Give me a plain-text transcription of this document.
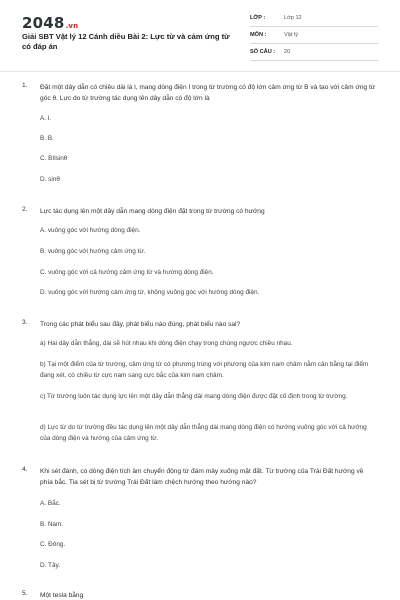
2048.vn
Giải SBT Vật lý 12 Cánh diều Bài 2: Lực từ và cảm ứng từ có đáp án
LỚP :	Lớp 12
MÔN :	Vật lý
SỐ CÂU : 20
1. Đặt một dây dẫn có chiều dài là l, mang dòng điện I trong từ trường có độ lớn cảm ứng từ B và tạo với cảm ứng từ góc θ. Lực do từ trường tác dụng lên dây dẫn có độ lớn là
A. l.
B. B.
C. BIlsinθ
D. sinθ
2. Lực tác dụng lên một dây dẫn mang dòng điện đặt trong từ trường có hướng
A. vuông góc với hướng dòng điện.
B. vuông góc với hướng cảm ứng từ.
C. vuông góc với cả hướng cảm ứng từ và hướng dòng điện.
D. vuông góc với hướng cảm ứng từ, không vuông góc với hướng dòng điện.
3. Trong các phát biểu sau đây, phát biểu nào đúng, phát biểu nào sai?
a) Hai dây dẫn thẳng, dài sẽ hút nhau khi dòng điện chạy trong chúng ngược chiều nhau.
b) Tại một điểm của từ trường, cảm ứng từ có phương trùng với phương của kim nam châm nằm cân bằng tại điểm đang xét, có chiều từ cực nam sang cực bắc của kim nam châm.
c) Từ trường luôn tác dụng lực lên một dây dẫn thẳng dài mang dòng điện được đặt cố định trong từ trường.
d) Lực từ do từ trường đều tác dụng lên một dây dẫn thẳng dài mang dòng điện có hướng vuông góc với cả hướng của dòng điện và hướng của cảm ứng từ.
4. Khi sét đánh, có dòng điện tích âm chuyển động từ đám mây xuống mặt đất. Từ trường của Trái Đất hướng về phía bắc. Tia sét bị từ trường Trái Đất làm chệch hướng theo hướng nào?
A. Bắc.
B. Nam.
C. Đông.
D. Tây.
5. Một tesla bằng
